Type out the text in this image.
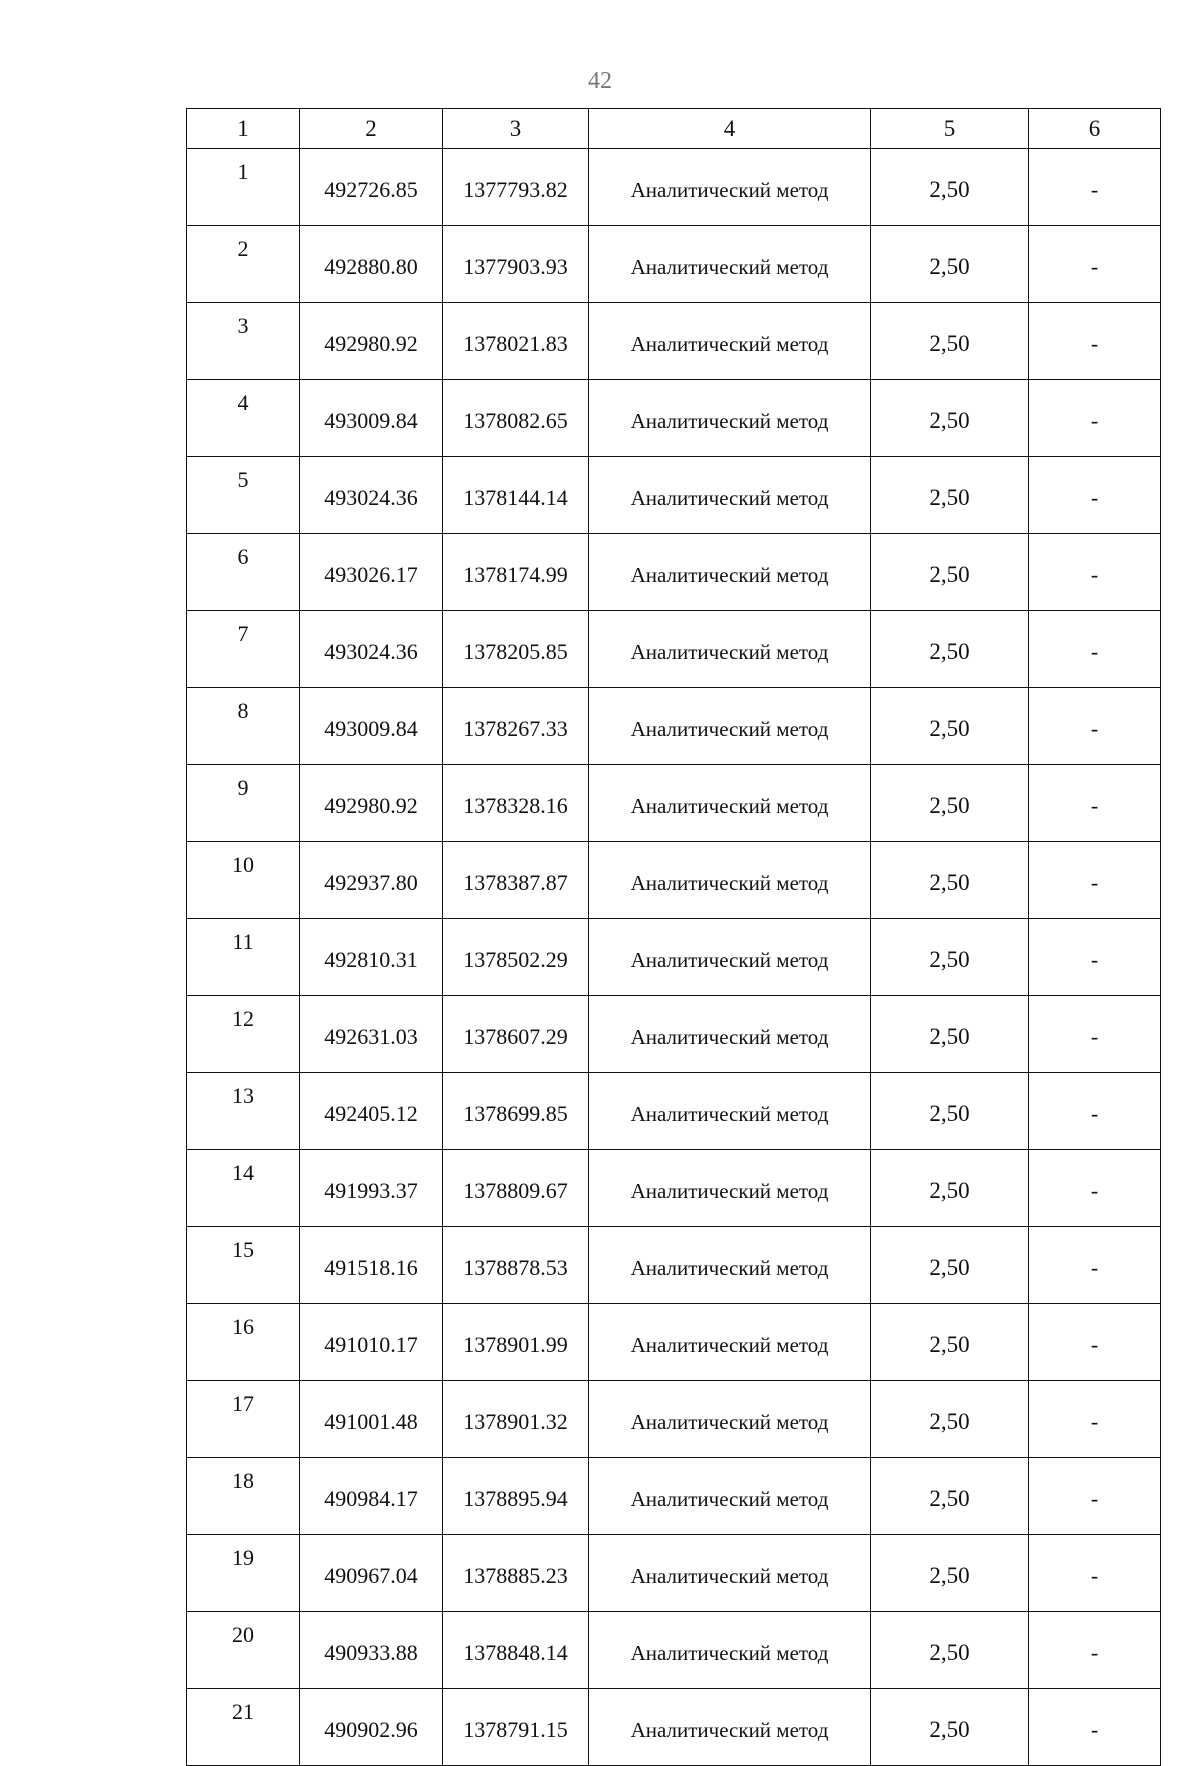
42
1	2	3	4	5	6
1	492726.85	1377793.82	Аналитический метод	2,50	-
2	492880.80	1377903.93	Аналитический метод	2,50	-
3	492980.92	1378021.83	Аналитический метод	2,50	-
4	493009.84	1378082.65	Аналитический метод	2,50	-
5	493024.36	1378144.14	Аналитический метод	2,50	-
6	493026.17	1378174.99	Аналитический метод	2,50	-
7	493024.36	1378205.85	Аналитический метод	2,50	-
8	493009.84	1378267.33	Аналитический метод	2,50	-
9	492980.92	1378328.16	Аналитический метод	2,50	-
10	492937.80	1378387.87	Аналитический метод	2,50	-
11	492810.31	1378502.29	Аналитический метод	2,50	-
12	492631.03	1378607.29	Аналитический метод	2,50	-
13	492405.12	1378699.85	Аналитический метод	2,50	-
14	491993.37	1378809.67	Аналитический метод	2,50	-
15	491518.16	1378878.53	Аналитический метод	2,50	-
16	491010.17	1378901.99	Аналитический метод	2,50	-
17	491001.48	1378901.32	Аналитический метод	2,50	-
18	490984.17	1378895.94	Аналитический метод	2,50	-
19	490967.04	1378885.23	Аналитический метод	2,50	-
20	490933.88	1378848.14	Аналитический метод	2,50	-
21	490902.96	1378791.15	Аналитический метод	2,50	-
